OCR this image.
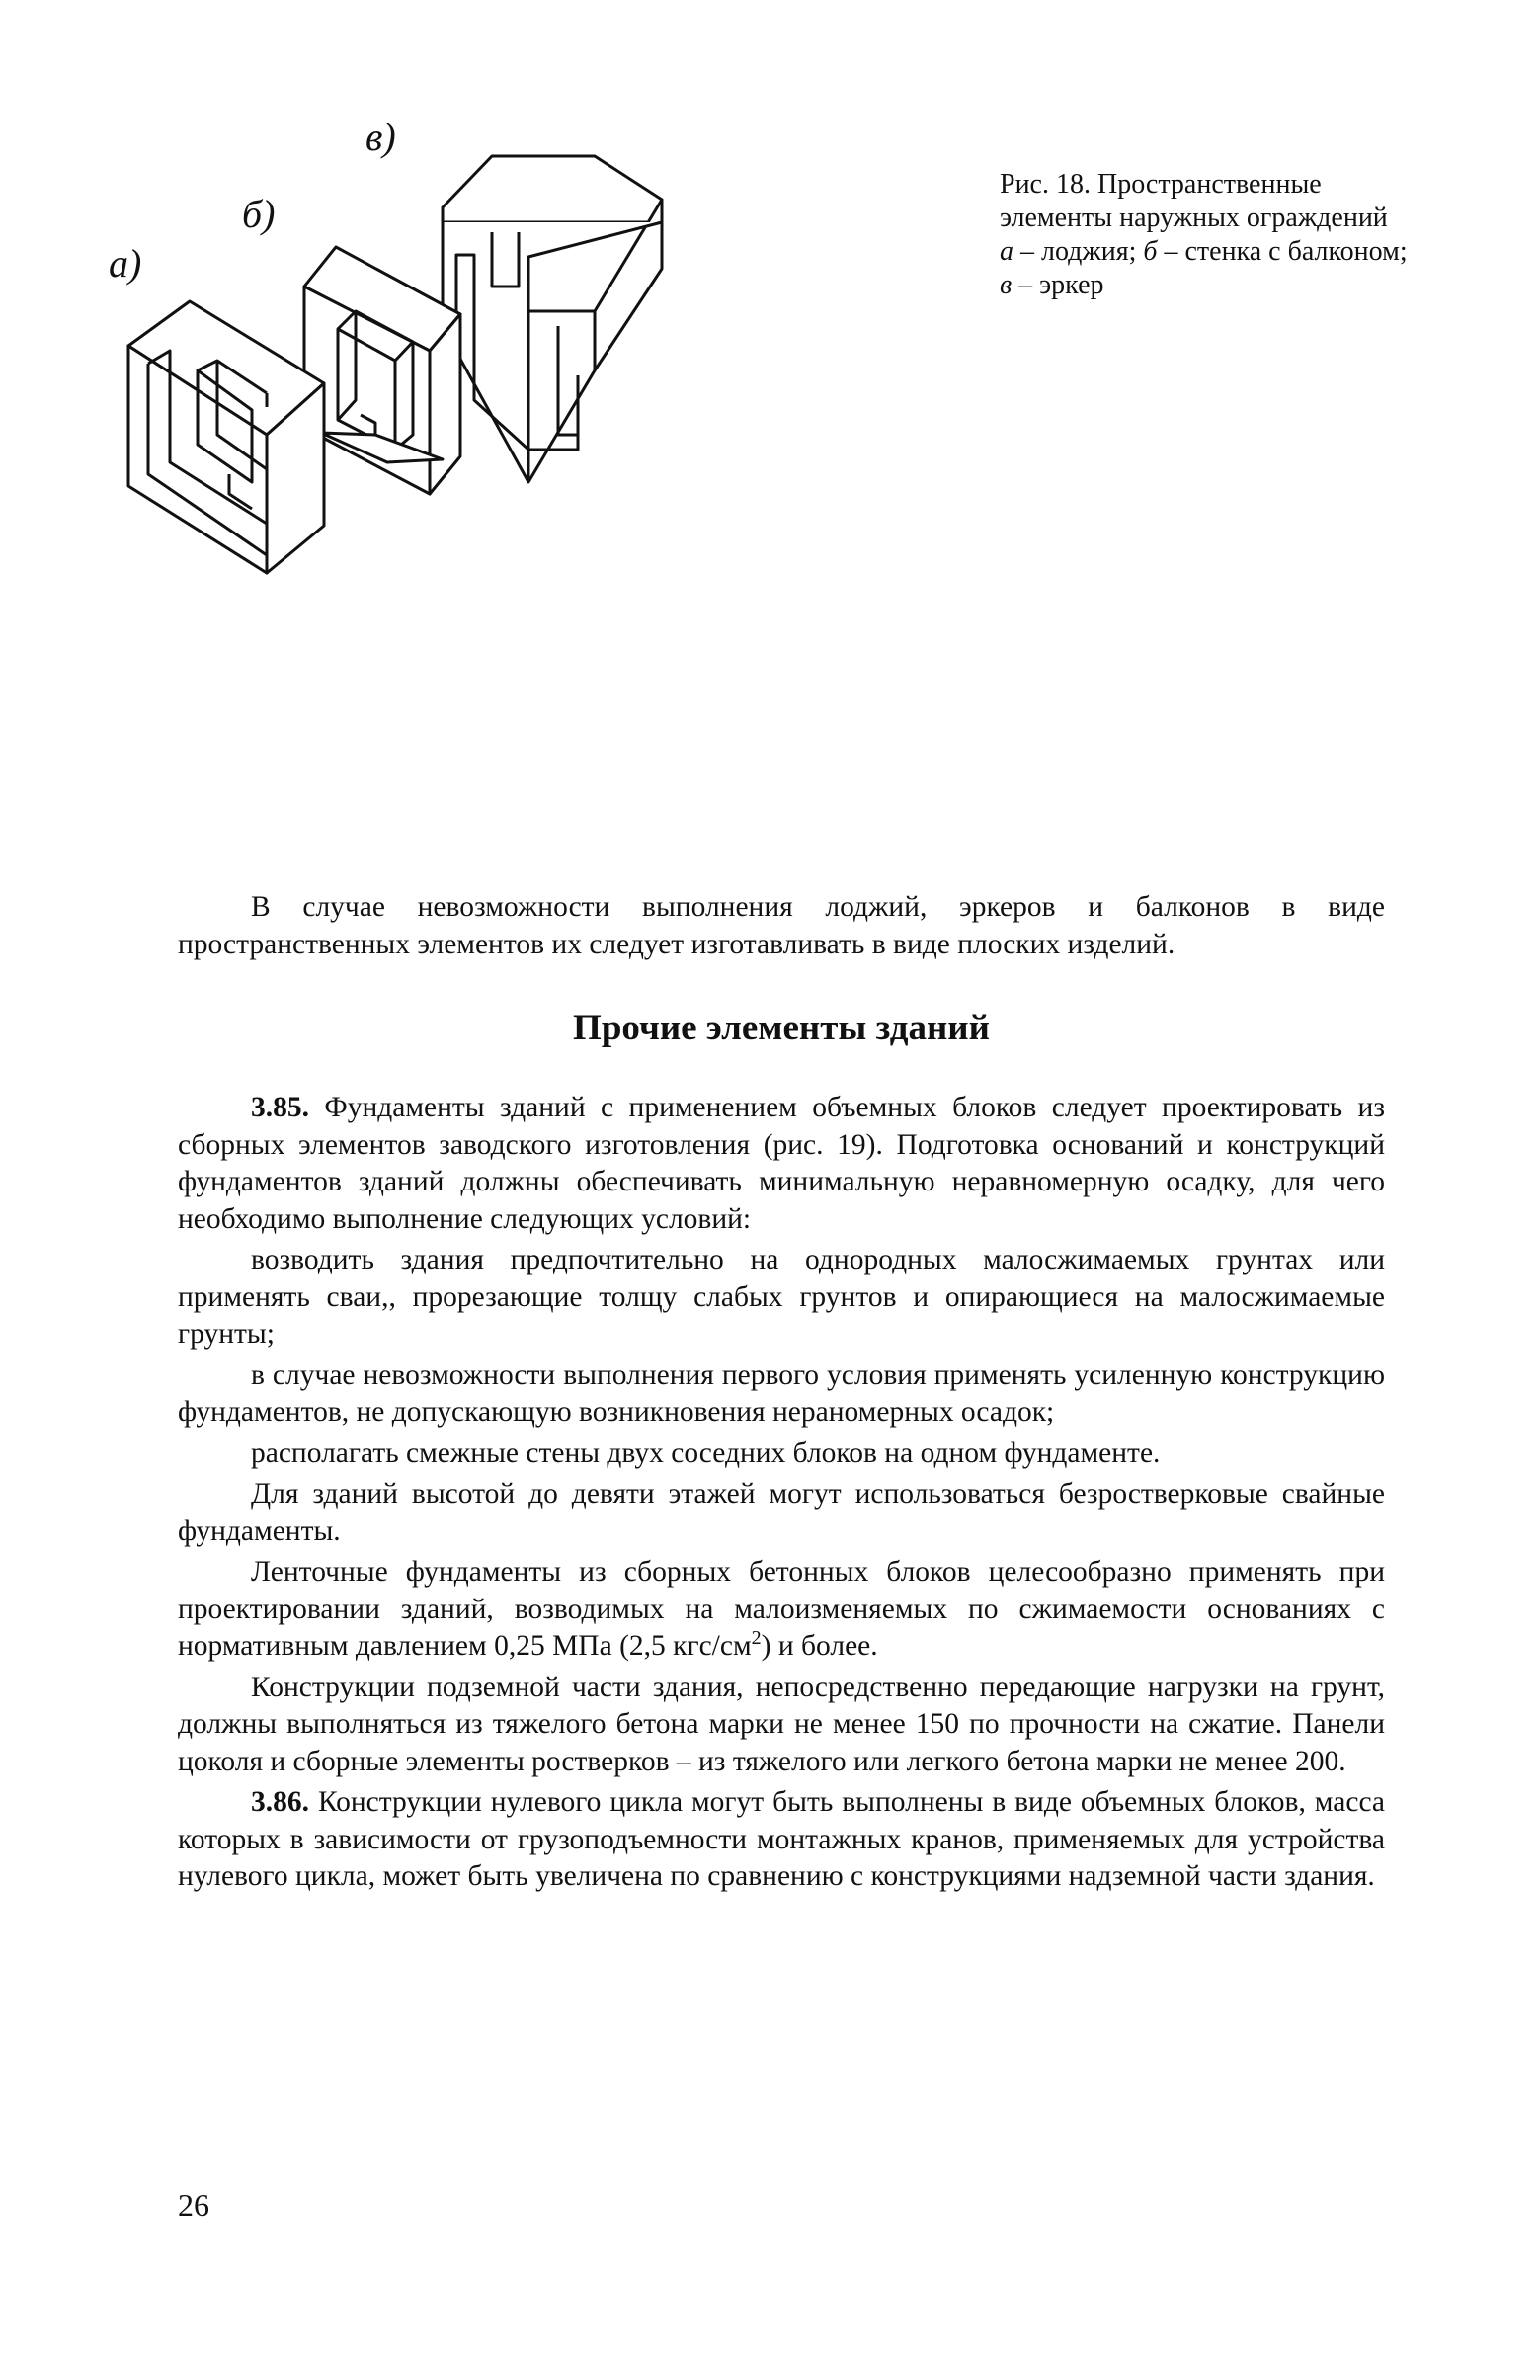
a)
б)
в)

Рис. 18. Пространственные элементы наружных ограждений

а – лоджия; б – стенка с балконом; в – эркер

В случае невозможности выполнения лоджий, эркеров и балконов в виде пространственных элементов их следует изготавливать в виде плоских изделий.

Прочие элементы зданий

3.85. Фундаменты зданий с применением объемных блоков следует проектировать из сборных элементов заводского изготовления (рис. 19). Подготовка оснований и конструкций фундаментов зданий должны обеспечивать минимальную неравномерную осадку, для чего необходимо выполнение следующих условий:

возводить здания предпочтительно на однородных малосжимаемых грунтах или применять сваи,, прорезающие толщу слабых грунтов и опирающиеся на малосжимаемые грунты;

в случае невозможности выполнения первого условия применять усиленную конструкцию фундаментов, не допускающую возникновения нераномерных осадок;

располагать смежные стены двух соседних блоков на одном фундаменте.

Для зданий высотой до девяти этажей могут использоваться безростверковые свайные фундаменты.

Ленточные фундаменты из сборных бетонных блоков целесообразно применять при проектировании зданий, возводимых на малоизменяемых по сжимаемости основаниях с нормативным давлением 0,25 МПа (2,5 кгс/$см^2$) и более.

Конструкции подземной части здания, непосредственно передающие нагрузки на грунт, должны выполняться из тяжелого бетона марки не менее 150 по прочности на сжатие. Панели цоколя и сборные элементы ростверков – из тяжелого или легкого бетона марки не менее 200.

3.86. Конструкции нулевого цикла могут быть выполнены в виде объемных блоков, масса которых в зависимости от грузоподъемности монтажных кранов, применяемых для устройства нулевого цикла, может быть увеличена по сравнению с конструкциями надземной части здания.

26
